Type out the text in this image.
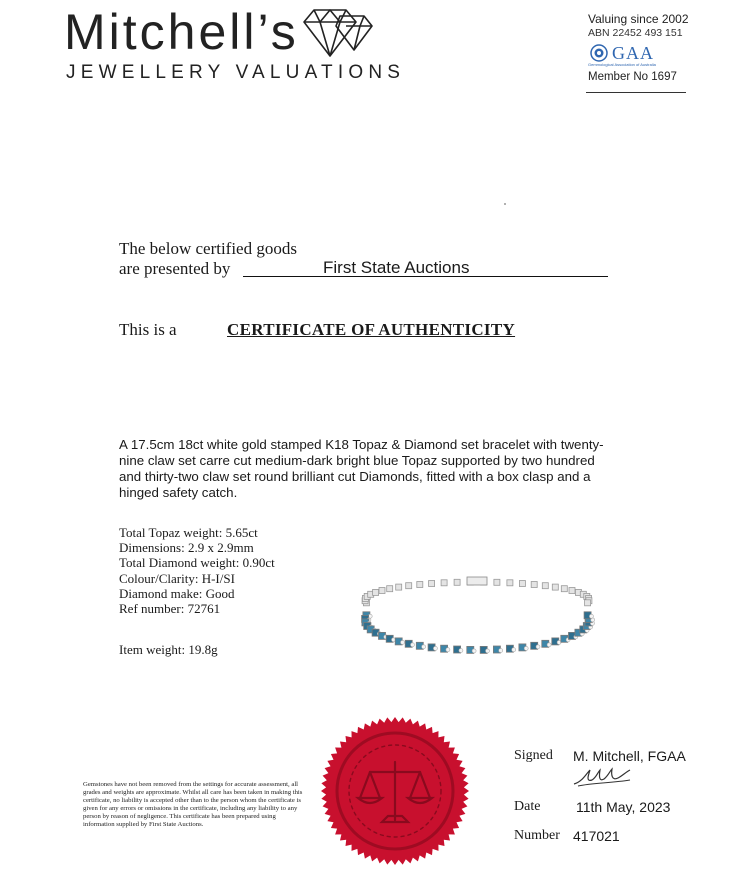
Mitchell’s
JEWELLERY VALUATIONS
Valuing since 2002
ABN 22452 493 151
GAA
Gemmological Association of Australia
Member No 1697
The below certified goods
are presented by	First State Auctions
This is a	CERTIFICATE OF AUTHENTICITY
A 17.5cm 18ct white gold stamped K18 Topaz & Diamond set bracelet with twenty-nine claw set carre cut medium-dark bright blue Topaz supported by two hundred and thirty-two claw set round brilliant cut Diamonds, fitted with a box clasp and a hinged safety catch.
Total Topaz weight: 5.65ct
Dimensions: 2.9 x 2.9mm
Total Diamond weight: 0.90ct
Colour/Clarity: H-I/SI
Diamond make: Good
Ref number: 72761
Item weight: 19.8g
Gemstones have not been removed from the settings for accurate assessment, all grades and weights are approximate. Whilst all care has been taken in making this certificate, no liability is accepted other than to the person whom the certificate is given for any errors or omissions in the certificate, including any liability to any person by reason of negligence. This certificate has been prepared using information supplied by First State Auctions.
Signed M. Mitchell, FGAA
Date	11th May, 2023
Number 417021
